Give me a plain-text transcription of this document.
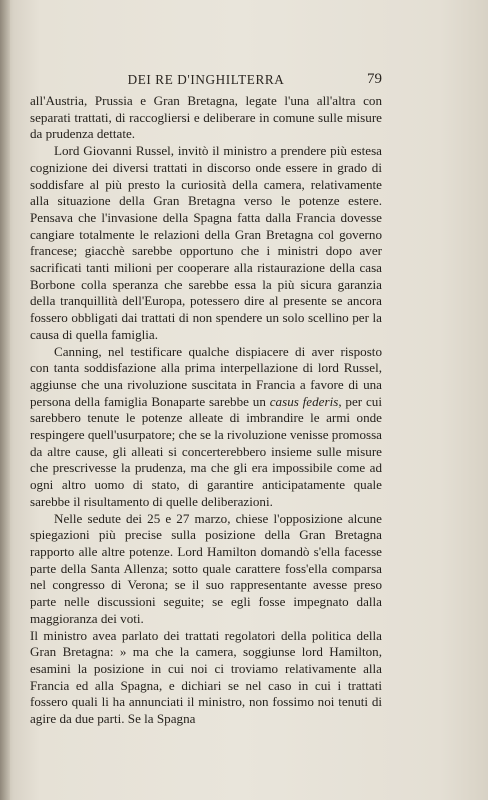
DEI RE D'INGHILTERRA	79

all'Austria, Prussia e Gran Bretagna, legate l'una all'altra con separati trattati, di raccogliersi e deliberare in comune sulle misure da prudenza dettate.

Lord Giovanni Russel, invitò il ministro a prendere più estesa cognizione dei diversi trattati in discorso onde essere in grado di soddisfare al più presto la curiosità della camera, relativamente alla situazione della Gran Bretagna verso le potenze estere. Pensava che l'invasione della Spagna fatta dalla Francia dovesse cangiare totalmente le relazioni della Gran Bretagna col governo francese; giacchè sarebbe opportuno che i ministri dopo aver sacrificati tanti milioni per cooperare alla ristaurazione della casa Borbone colla speranza che sarebbe essa la più sicura garanzia della tranquillità dell'Europa, potessero dire al presente se ancora fossero obbligati dai trattati di non spendere un solo scellino per la causa di quella famiglia.

Canning, nel testificare qualche dispiacere di aver risposto con tanta soddisfazione alla prima interpellazione di lord Russel, aggiunse che una rivoluzione suscitata in Francia a favore di una persona della famiglia Bonaparte sarebbe un casus federis, per cui sarebbero tenute le potenze alleate di imbrandire le armi onde respingere quell'usurpatore; che se la rivoluzione venisse promossa da altre cause, gli alleati si concerterebbero insieme sulle misure che prescrivesse la prudenza, ma che gli era impossibile come ad ogni altro uomo di stato, di garantire anticipatamente quale sarebbe il risultamento di quelle deliberazioni.

Nelle sedute dei 25 e 27 marzo, chiese l'opposizione alcune spiegazioni più precise sulla posizione della Gran Bretagna rapporto alle altre potenze. Lord Hamilton domandò s'ella facesse parte della Santa Allenza; sotto quale carattere foss'ella comparsa nel congresso di Verona; se il suo rappresentante avesse preso parte nelle discussioni seguite; se egli fosse impegnato dalla maggioranza dei voti.

Il ministro avea parlato dei trattati regolatori della politica della Gran Bretagna: » ma che la camera, soggiunse lord Hamilton, esamini la posizione in cui noi ci troviamo relativamente alla Francia ed alla Spagna, e dichiari se nel caso in cui i trattati fossero quali li ha annunciati il ministro, non fossimo noi tenuti di agire da due parti. Se la Spagna
